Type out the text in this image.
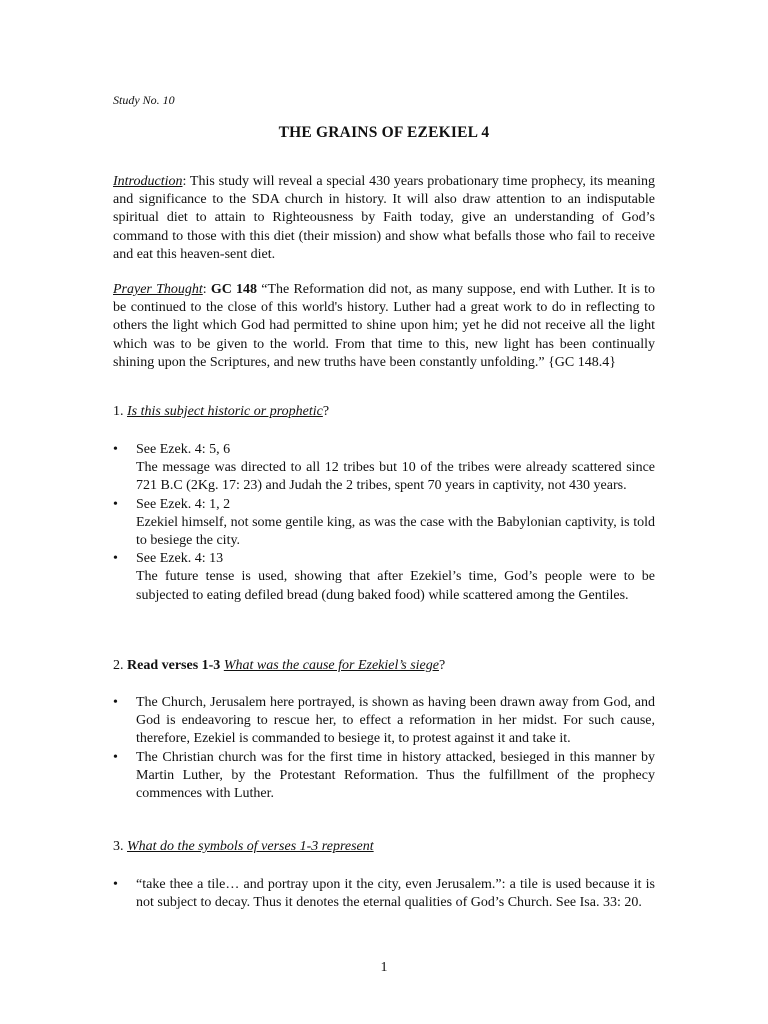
Study No. 10
THE GRAINS OF EZEKIEL 4

Introduction: This study will reveal a special 430 years probationary time prophecy, its meaning and significance to the SDA church in history. It will also draw attention to an indisputable spiritual diet to attain to Righteousness by Faith today, give an understanding of God’s command to those with this diet (their mission) and show what befalls those who fail to receive and eat this heaven-sent diet.

Prayer Thought: GC 148 “The Reformation did not, as many suppose, end with Luther. It is to be continued to the close of this world's history. Luther had a great work to do in reflecting to others the light which God had permitted to shine upon him; yet he did not receive all the light which was to be given to the world. From that time to this, new light has been continually shining upon the Scriptures, and new truths have been constantly unfolding.” {GC 148.4}

1. Is this subject historic or prophetic?
•	See Ezek. 4: 5, 6
The message was directed to all 12 tribes but 10 of the tribes were already scattered since 721 B.C (2Kg. 17: 23) and Judah the 2 tribes, spent 70 years in captivity, not 430 years.
•	See Ezek. 4: 1, 2
Ezekiel himself, not some gentile king, as was the case with the Babylonian captivity, is told to besiege the city.
•	See Ezek. 4: 13
The future tense is used, showing that after Ezekiel’s time, God’s people were to be subjected to eating defiled bread (dung baked food) while scattered among the Gentiles.
2. Read verses 1-3 What was the cause for Ezekiel’s siege?
•	The Church, Jerusalem here portrayed, is shown as having been drawn away from God, and God is endeavoring to rescue her, to effect a reformation in her midst. For such cause, therefore, Ezekiel is commanded to besiege it, to protest against it and take it.
•	The Christian church was for the first time in history attacked, besieged in this manner by Martin Luther, by the Protestant Reformation. Thus the fulfillment of the prophecy commences with Luther.
3. What do the symbols of verses 1-3 represent
•	“take thee a tile… and portray upon it the city, even Jerusalem.”: a tile is used because it is not subject to decay. Thus it denotes the eternal qualities of God’s Church. See Isa. 33: 20.
1
